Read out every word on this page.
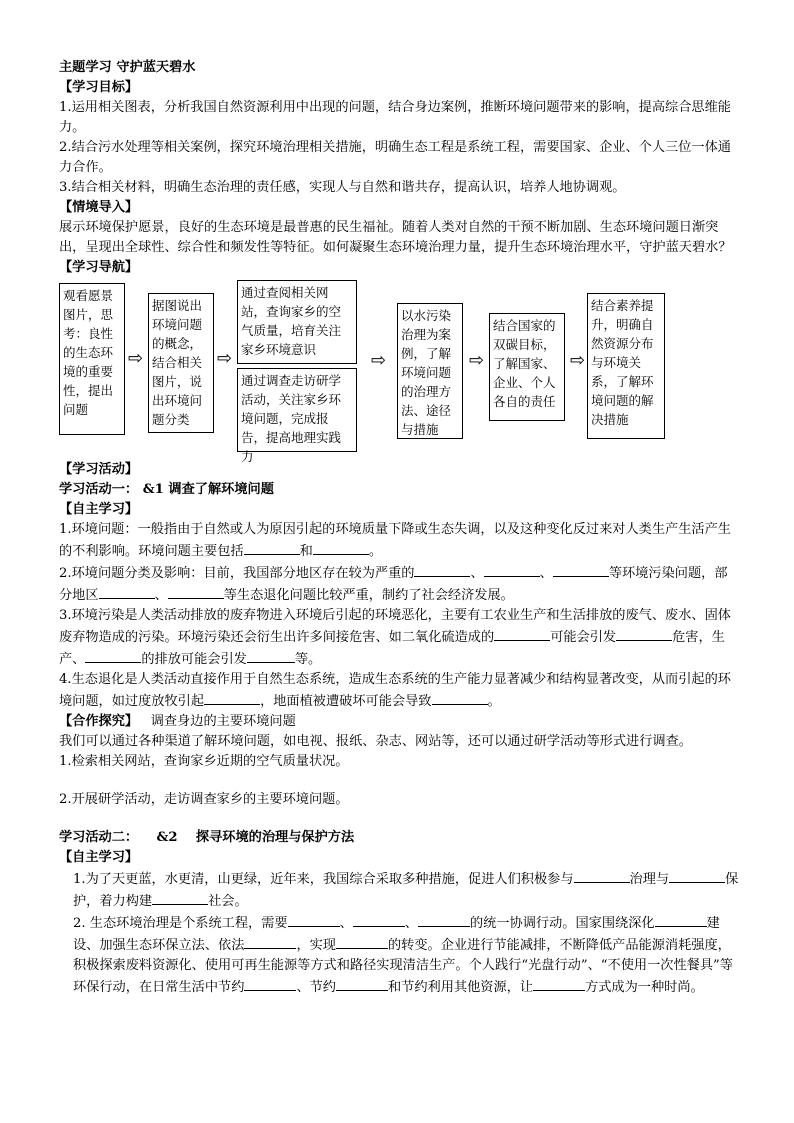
主题学习 守护蓝天碧水
【学习目标】
1.运用相关图表，分析我国自然资源利用中出现的问题，结合身边案例，推断环境问题带来的影响，提高综合思维能力。
2.结合污水处理等相关案例，探究环境治理相关措施，明确生态工程是系统工程，需要国家、企业、个人三位一体通力合作。
3.结合相关材料，明确生态治理的责任感，实现人与自然和谐共存，提高认识，培养人地协调观。
【情境导入】
展示环境保护愿景，良好的生态环境是最普惠的民生福祉。随着人类对自然的干预不断加剧、生态环境问题日渐突出，呈现出全球性、综合性和频发性等特征。如何凝聚生态环境治理力量，提升生态环境治理水平，守护蓝天碧水？
【学习导航】
观看愿景图片，思考：良性的生态环境的重要性，提出问题
⇨
据图说出环境问题的概念，结合相关图片，说出环境问题分类
⇨
通过查阅相关网站，查询家乡的空气质量，培育关注家乡环境意识
通过调查走访研学活动，关注家乡环境问题，完成报告，提高地理实践力
⇨
以水污染治理为案例，了解环境问题的治理方法、途径与措施
⇨
结合国家的双碳目标，了解国家、企业、个人各自的责任
⇨
结合素养提升，明确自然资源分布与环境关系，了解环境问题的解决措施
【学习活动】
学习活动一： &1 调查了解环境问题
【自主学习】
1.环境问题：一般指由于自然或人为原因引起的环境质量下降或生态失调，以及这种变化反过来对人类生产生活产生的不利影响。环境问题主要包括	和	。
2.环境问题分类及影响：目前，我国部分地区存在较为严重的	、	、	等环境污染问题，部分地区	、	等生态退化问题比较严重，制约了社会经济发展。
3.环境污染是人类活动排放的废弃物进入环境后引起的环境恶化，主要有工农业生产和生活排放的废气、废水、固体废弃物造成的污染。环境污染还会衍生出许多间接危害、如二氧化硫造成的	可能会引发	危害，生产、	的排放可能会引发	等。
4.生态退化是人类活动直接作用于自然生态系统，造成生态系统的生产能力显著减少和结构显著改变，从而引起的环境问题，如过度放牧引起	，地面植被遭破坏可能会导致	。
【合作探究】   调查身边的主要环境问题
我们可以通过各种渠道了解环境问题，如电视、报纸、杂志、网站等，还可以通过研学活动等形式进行调查。
1.检索相关网站，查询家乡近期的空气质量状况。
2.开展研学活动，走访调查家乡的主要环境问题。
学习活动二：    &2    探寻环境的治理与保护方法
【自主学习】
1.为了天更蓝，水更清，山更绿，近年来，我国综合采取多种措施，促进人们积极参与	治理与	保护，着力构建	社会。
2. 生态环境治理是个系统工程，需要	、	、	的统一协调行动。国家围绕深化	建设、加强生态环保立法、依法	，实现	的转变。企业进行节能减排，不断降低产品能源消耗强度，积极探索废料资源化、使用可再生能源等方式和路径实现清洁生产。个人践行“光盘行动”、“不使用一次性餐具”等环保行动，在日常生活中节约	、节约	和节约利用其他资源，让	方式成为一种时尚。
